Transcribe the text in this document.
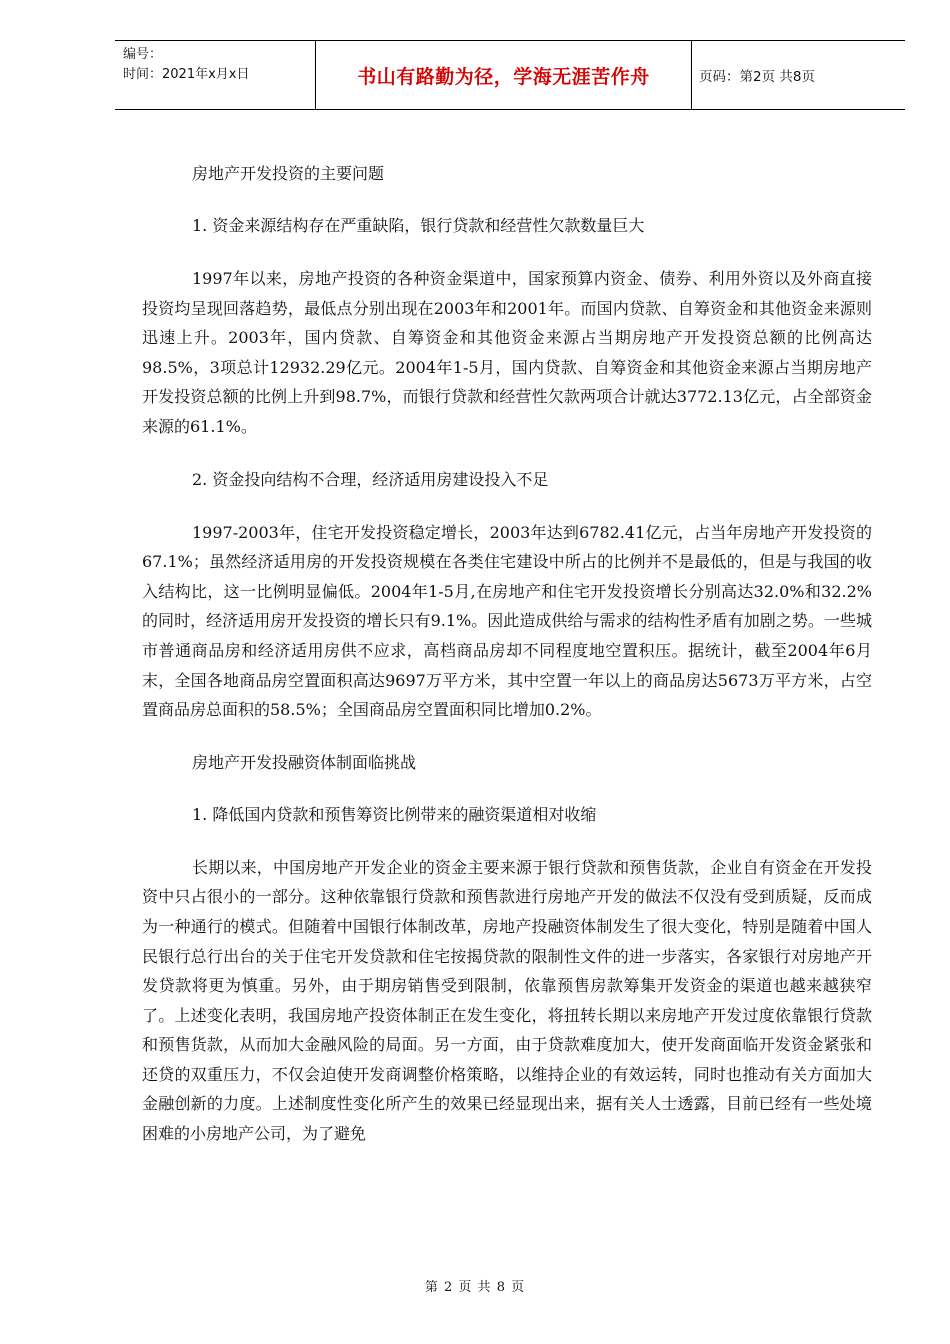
编号：
时间：2021年x月x日	书山有路勤为径，学海无涯苦作舟	页码：第2页 共8页

房地产开发投资的主要问题

1. 资金来源结构存在严重缺陷，银行贷款和经营性欠款数量巨大

1997年以来，房地产投资的各种资金渠道中，国家预算内资金、债券、利用外资以及外商直接投资均呈现回落趋势，最低点分别出现在2003年和2001年。而国内贷款、自筹资金和其他资金来源则迅速上升。2003年，国内贷款、自筹资金和其他资金来源占当期房地产开发投资总额的比例高达98.5%，3项总计12932.29亿元。2004年1-5月，国内贷款、自筹资金和其他资金来源占当期房地产开发投资总额的比例上升到98.7%，而银行贷款和经营性欠款两项合计就达3772.13亿元，占全部资金来源的61.1%。

2. 资金投向结构不合理，经济适用房建设投入不足

1997-2003年，住宅开发投资稳定增长，2003年达到6782.41亿元，占当年房地产开发投资的67.1%；虽然经济适用房的开发投资规模在各类住宅建设中所占的比例并不是最低的，但是与我国的收入结构比，这一比例明显偏低。2004年1-5月,在房地产和住宅开发投资增长分别高达32.0%和32.2%的同时，经济适用房开发投资的增长只有9.1%。因此造成供给与需求的结构性矛盾有加剧之势。一些城市普通商品房和经济适用房供不应求，高档商品房却不同程度地空置积压。据统计，截至2004年6月末，全国各地商品房空置面积高达9697万平方米，其中空置一年以上的商品房达5673万平方米，占空置商品房总面积的58.5%；全国商品房空置面积同比增加0.2%。

房地产开发投融资体制面临挑战

1. 降低国内贷款和预售筹资比例带来的融资渠道相对收缩

长期以来，中国房地产开发企业的资金主要来源于银行贷款和预售货款，企业自有资金在开发投资中只占很小的一部分。这种依靠银行贷款和预售款进行房地产开发的做法不仅没有受到质疑，反而成为一种通行的模式。但随着中国银行体制改革，房地产投融资体制发生了很大变化，特别是随着中国人民银行总行出台的关于住宅开发贷款和住宅按揭贷款的限制性文件的进一步落实，各家银行对房地产开发贷款将更为慎重。另外，由于期房销售受到限制，依靠预售房款筹集开发资金的渠道也越来越狭窄了。上述变化表明，我国房地产投资体制正在发生变化，将扭转长期以来房地产开发过度依靠银行贷款和预售货款，从而加大金融风险的局面。另一方面，由于贷款难度加大，使开发商面临开发资金紧张和还贷的双重压力，不仅会迫使开发商调整价格策略，以维持企业的有效运转，同时也推动有关方面加大金融创新的力度。上述制度性变化所产生的效果已经显现出来，据有关人士透露，目前已经有一些处境困难的小房地产公司，为了避免

第 2 页 共 8 页
